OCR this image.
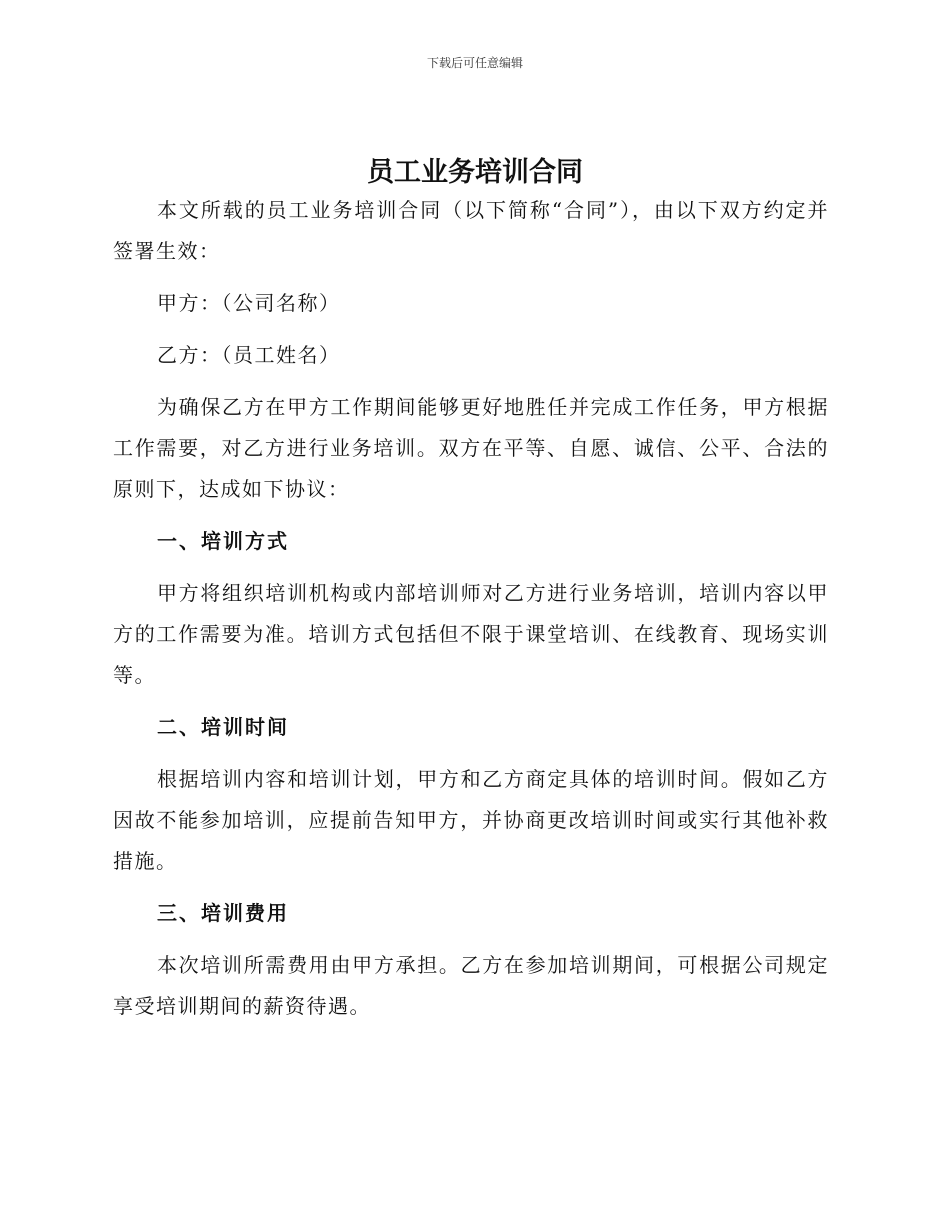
下载后可任意编辑
员工业务培训合同

本文所载的员工业务培训合同（以下简称“合同”），由以下双方约定并签署生效：

甲方：（公司名称）

乙方：（员工姓名）

为确保乙方在甲方工作期间能够更好地胜任并完成工作任务，甲方根据工作需要，对乙方进行业务培训。双方在平等、自愿、诚信、公平、合法的原则下，达成如下协议：

一、培训方式

甲方将组织培训机构或内部培训师对乙方进行业务培训，培训内容以甲方的工作需要为准。培训方式包括但不限于课堂培训、在线教育、现场实训等。

二、培训时间

根据培训内容和培训计划，甲方和乙方商定具体的培训时间。假如乙方因故不能参加培训，应提前告知甲方，并协商更改培训时间或实行其他补救措施。

三、培训费用

本次培训所需费用由甲方承担。乙方在参加培训期间，可根据公司规定享受培训期间的薪资待遇。
